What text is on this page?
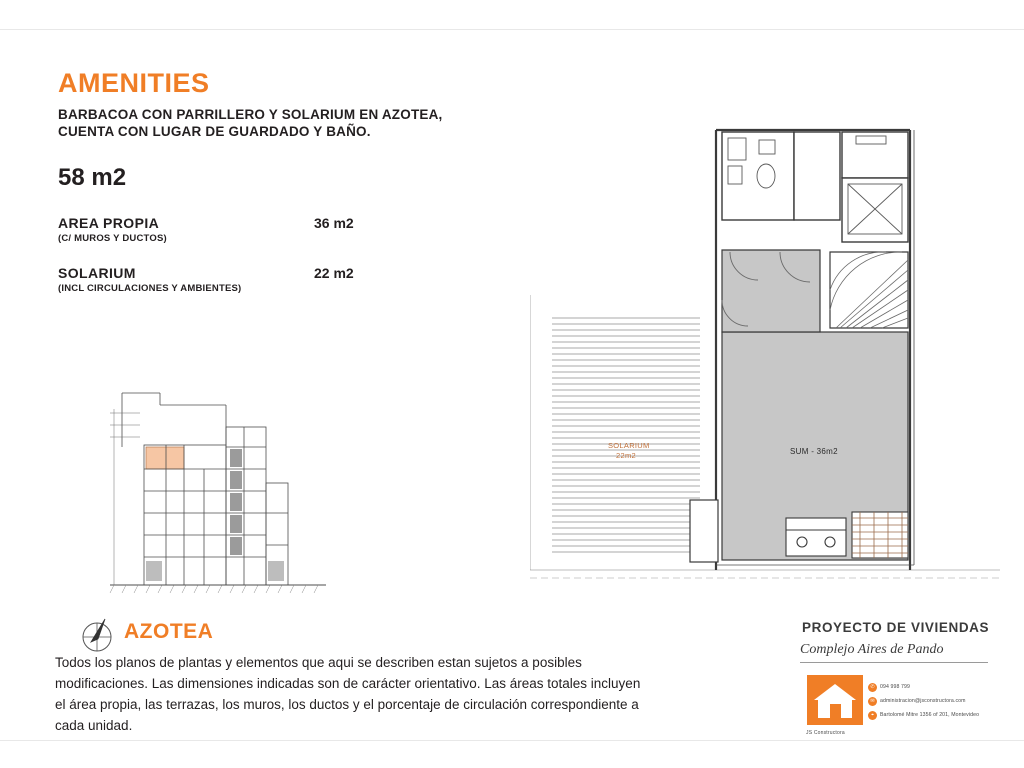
AMENITIES
BARBACOA CON PARRILLERO Y SOLARIUM EN AZOTEA,
CUENTA CON LUGAR DE GUARDADO Y BAÑO.
58 m2
AREA PROPIA
(C/ MUROS Y DUCTOS)
36 m2
SOLARIUM
(INCL CIRCULACIONES Y AMBIENTES)
22 m2
AZOTEA
Todos los planos de plantas y elementos que aqui se describen estan sujetos a posibles modificaciones. Las dimensiones indicadas son de carácter orientativo. Las áreas totales incluyen el área propia, las terrazas, los muros, los ductos y el porcentaje de circulación correspondiente a cada unidad.
SOLARIUM
22m2	SUM - 36m2
PROYECTO DE VIVIENDAS
Complejo Aires de Pando
✆
✉
⌖
094 998 799
administracion@jsconstructora.com
Bartolomé Mitre 1356 of 201, Montevideo
JS Constructora
